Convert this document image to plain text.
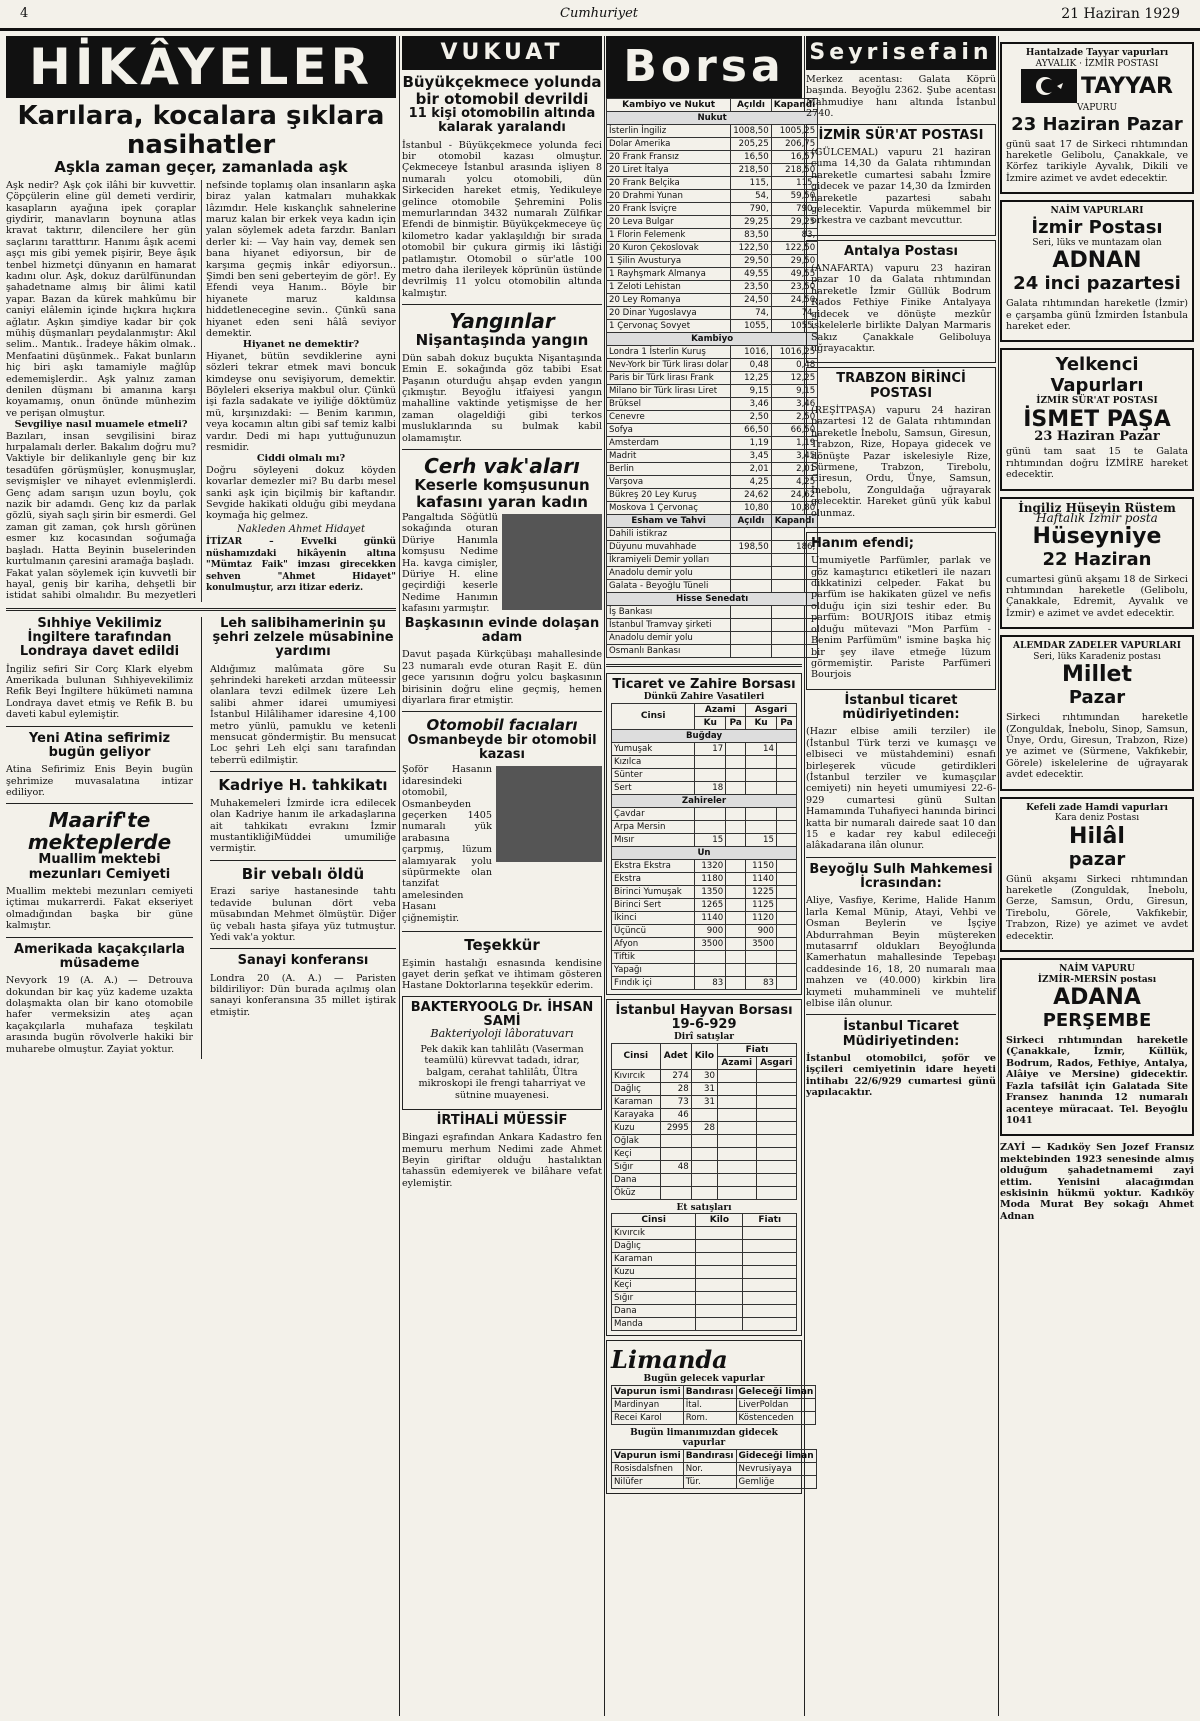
4	Cumhuriyet	21 Haziran 1929
HİKÂYELER
Karılara, kocalara şıklara nasihatler
Aşkla zaman geçer, zamanlada aşk

Aşk nedir? Aşk çok ilâhi bir kuvvettir. Çöpçülerin eline gül demeti verdirir, kasapların ayağına ipek çoraplar giydirir, manavların boynuna atlas kravat taktırır, dilencilere her gün saçlarını taratttırır. Hanımı âşık acemi aşçı mis gibi yemek pişirir, Beye âşık tenbel hizmetçi dünyanın en hamarat kadını olur. Aşk, dokuz darülfünundan şahadetname almış bir âlimi katil yapar. Bazan da kürek mahkûmu bir caniyi elâlemin içinde hıçkıra hıçkıra ağlatır. Aşkın şimdiye kadar bir çok mühiş düşmanları peydalanmıştır: Akıl selim.. Mantık.. İradeye hâkim olmak.. Menfaatini düşünmek.. Fakat bunların hiç biri aşkı tamamiyle mağlûp edememişlerdir.. Aşk yalnız zaman denilen düşmanı bi amanına karşı koyamamış, onun önünde münhezim ve perişan olmuştur.

Sevgiliye nasıl muamele etmeli?

Bazıları, insan sevgilisini biraz hırpalamalı derler. Bakalım doğru mu? Vaktiyle bir delikanlıyle genç bir kız tesadüfen görüşmüşler, konuşmuşlar, sevişmişler ve nihayet evlenmişlerdi. Genç adam sarışın uzun boylu, çok nazik bir adamdı. Genç kız da parlak gözlü, siyah saçlı şirin bir esmerdi. Gel zaman git zaman, çok hırslı görünen esmer kız kocasından soğumağa başladı. Hatta Beyinin buselerinden kurtulmanın çaresini aramağa başladı.

Fakat yalan söylemek için kuvvetli bir hayal, geniş bir kariha, dehşetli bir istidat sahibi olmalıdır. Bu mezyetleri nefsinde toplamış olan insanların aşka biraz yalan katmaları muhakkak lâzımdır. Hele kıskançlık sahnelerine maruz kalan bir erkek veya kadın için yalan söylemek adeta farzdır. Banları derler ki: — Vay hain vay, demek sen bana hiyanet ediyorsun, bir de karşıma geçmiş inkâr ediyorsun.. Şimdi ben seni geberteyim de gör!. Ey Efendi veya Hanım.. Böyle bir hiyanete maruz kaldınsa hiddetlenecegine sevin.. Çünkü sana hiyanet eden seni hâlâ seviyor demektir.

Hiyanet ne demektir?

Hiyanet, bütün sevdiklerine ayni sözleri tekrar etmek mavi boncuk kimdeyse onu sevişiyorum, demektir. Böyleleri ekseriya makbul olur. Çünkü işi fazla sadakate ve iyiliğe döktümüz mü, kırşınızdaki: — Benim karımın, veya kocamın altın gibi saf temiz kalbi vardır. Dedi mi hapı yuttuğunuzun resmidir.

Ciddi olmalı mı?

Doğru söyleyeni dokuz köyden kovarlar demezler mi? Bu darbı mesel sanki aşk için biçilmiş bir kaftandır. Sevgide hakikati olduğu gibi meydana koymağa hiç gelmez.

Nakleden Ahmet Hidayet

İTİZAR – Evvelki günkü nüshamızdaki hikâyenin altına "Mümtaz Faik" imzası girecekken sehven "Ahmet Hidayet" konulmuştur, arzı itizar ederiz.

Sıhhiye Vekilimiz İngiltere tarafından Londraya davet edildi

İngiliz sefiri Sir Corç Klark elyebm Amerikada bulunan Sıhhiyevekilimiz Refik Beyi İngiltere hükümeti namına Londraya davet etmiş ve Refik B. bu daveti kabul eylemiştir.

Yeni Atina sefirimiz bugün geliyor

Atina Sefirimiz Enis Beyin bugün şehrimize muvasalatına intizar ediliyor.

Maarif'te mekteplerde
Muallim mektebi mezunları Cemiyeti

Muallim mektebi mezunları cemiyeti içtimaı mukarrerdi. Fakat ekseriyet olmadığından başka bir güne kalmıştır.

Amerikada kaçakçılarla müsademe

Nevyork 19 (A. A.) — Detrouva dokundan bir kaç yüz kademe uzakta dolaşmakta olan bir kano otomobile hafer vermeksizin ateş açan kaçakçılarla muhafaza teşkilatı arasında bugün rövolverle hakiki bir muharebe olmuştur. Zayiat yoktur.

Leh salibihamerinin şu şehri zelzele müsabinine yardımı

Aldığımız malûmata göre Su şehrindeki hareketi arzdan müteessir olanlara tevzi edilmek üzere Leh salibi ahmer idarei umumiyesi İstanbul Hilâlihamer idaresine 4,100 metro yünlü, pamuklu ve ketenli mensucat göndermiştir. Bu mensucat Loc şehri Leh elçi sanı tarafından teberrü edilmiştir.

Kadriye H. tahkikatı

Muhakemeleri İzmirde icra edilecek olan Kadriye hanım ile arkadaşlarına ait tahkikatı evrakını İzmir mustantikliğiMüddei umumiliğe vermiştir.

Bir vebalı öldü

Erazi sariye hastanesinde tahtı tedavide bulunan dört veba müsabından Mehmet ölmüştür. Diğer üç vebalı hasta şifaya yüz tutmuştur. Yedi vak'a yoktur.

Sanayi konferansı

Londra 20 (A. A.) — Paristen bildiriliyor: Dün burada açılmış olan sanayi konferansına 35 millet iştirak etmiştir.

VUKUAT
Büyükçekmece yolunda bir otomobil devrildi
11 kişi otomobilin altında kalarak yaralandı

İstanbul - Büyükçekmece yolunda feci bir otomobil kazası olmuştur. Çekmeceye İstanbul arasında işliyen 8 numaralı yolcu otomobili, dün Sirkeciden hareket etmiş, Yedikuleye gelince otomobile Şehremini Polis memurlarından 3432 numaralı Zülfikar Efendi de binmiştir. Büyükçekmeceye üç kilometro kadar yaklaşıldığı bir sırada otomobil bir çukura girmiş iki lâstiği patlamıştır. Otomobil o sür'atle 100 metro daha ilerileyek köprünün üstünde devrilmiş 11 yolcu otomobilin altında kalmıştır.

Yangınlar
Nişantaşında yangın

Dün sabah dokuz buçukta Nişantaşında Emin E. sokağında göz tabibi Esat Paşanın oturduğu ahşap evden yangın çıkmıştır. Beyoğlu itfaiyesi yangın mahalline vaktinde yetişmişse de her zaman olageldiği gibi terkos musluklarında su bulmak kabil olamamıştır.

Cerh vak'aları
Keserle komşusunun kafasını yaran kadın

Pangaltıda Söğütlü sokağında oturan Düriye Hanımla komşusu Nedime Ha. kavga cimişler, Düriye H. eline geçirdiği keserle Nedime Hanımın kafasını yarmıştır.

Başkasının evinde dolaşan adam

Davut paşada Kürkçübaşı mahallesinde 23 numaralı evde oturan Raşit E. dün gece yarısının doğru yolcu başkasının birisinin doğru eline geçmiş, hemen diyarlara firar etmiştir.

Otomobil facıaları
Osmanbeyde bir otomobil kazası

Şoför Hasanın idaresindeki otomobil, Osmanbeyden geçerken 1405 numaralı yük arabasına çarpmış, lüzum alamıyarak yolu süpürmekte olan tanzifat amelesinden Hasanı çiğnemiştir.

Teşekkür

Eşimin hastalığı esnasında kendisine gayet derin şefkat ve ihtimam gösteren Hastane Doktorlarına teşekkür ederim.

BAKTERYOOLG Dr. İHSAN SAMİ
Bakteriyoloji lâboratuvarı

Pek dakik kan tahlilâtı (Vaserman teamülü) kürevvat tadadı, idrar, balgam, cerahat tahlilâtı, Ültra mikroskopi ile frengi taharriyat ve sütnine muayenesi.

İRTİHALİ MÜESSİF

Bingazi eşrafından Ankara Kadastro fen memuru merhum Nedimi zade Ahmet Beyin giriftar olduğu hastalıktan tahassün edemiyerek ve bilâhare vefat eylemiştir.

Borsa
Kambiyo ve Nukut	Açıldı	Kapandı
Nukut		
İsterlin İngiliz	1008,50	1005,25
Dolar Amerika	205,25	206,75
20 Frank Fransız	16,50	16,57
20 Liret İtalya	218,50	218,50
20 Frank Belçika	115,	115,
20 Drahmi Yunan	54,	59,50
20 Frank İsviçre	790,	790,
20 Leva Bulgar	29,25	29,25
1 Florin Felemenk	83,50	83,
20 Kuron Çekoslovak	122,50	122,50
1 Şilin Avusturya	29,50	29,50
1 Rayhşmark Almanya	49,55	49,55
1 Zeloti Lehistan	23,50	23,50
20 Ley Romanya	24,50	24,50
20 Dinar Yugoslavya	74,	74,
1 Çervonaç Sovyet	1055,	1055,
Kambiyo		
Londra 1 İsterlin Kuruş	1016,	1016,25
Nev-York bir Türk lirası dolar	0,48	0,48
Paris bir Türk lirası Frank	12,25	12,25
Milano bir Türk lirası Liret	9,15	9,15
Brüksel	3,46	3,46
Cenevre	2,50	2,50
Sofya	66,50	66,50
Amsterdam	1,19	1,19
Madrit	3,45	3,45
Berlin	2,01	2,01
Varşova	4,25	4,25
Bükreş 20 Ley Kuruş	24,62	24,62
Moskova 1 Çervonaç	10,80	10,80
Esham ve Tahvi	Açıldı	Kapandı
Dahili istikraz		
Düyunu muvahhade	198,50	186,
İkramiyeli Demir yolları		
Anadolu demir yolu		
Galata - Beyoğlu Tüneli		
Hisse Senedatı		
İş Bankası		
İstanbul Tramvay şirketi		
Anadolu demir yolu		
Osmanlı Bankası		
Ticaret ve Zahire Borsası
Dünkü Zahire Vasatileri
Cinsi	Azami		Asgari	
	Ku	Pa	Ku	Pa
Buğday				
Yumuşak	17		14	
Kızılca				
Sünter				
Sert	18			
Zahireler				
Çavdar				
Arpa Mersin				
Mısır	15		15	
Un				
Ekstra Ekstra	1320		1150	
Ekstra	1180		1140	
Birinci Yumuşak	1350		1225	
Birinci Sert	1265		1125	
İkinci	1140		1120	
Üçüncü	900		900	
Afyon	3500		3500	
Tiftik				
Yapağı				
Fındık içi	83		83	
İstanbul Hayvan Borsası 19-6-929
Dirî satışlar
Cinsi	Adet	Kilo	Fiatı	
			Azami	Asgari
Kıvırcık	274	30		
Dağlıç	28	31		
Karaman	73	31		
Karayaka	46			
Kuzu	2995	28		
Oğlak				
Keçi				
Sığır	48			
Dana				
Öküz				
Et satışları
Cinsi	Kilo	Fiatı
Kıvırcık		
Dağlıç		
Karaman		
Kuzu		
Keçi		
Sığır		
Dana		
Manda		
Limanda
Bugün gelecek vapurlar
Vapurun ismi	Bandırası	Geleceği liman
Mardinyan	İtal.	LiverPoldan
Recei Karol	Rom.	Köstenceden
Bugün limanımızdan gidecek vapurlar
Vapurun ismi	Bandırası	Gideceği liman
Rosisdalsfnen	Nor.	Nevrusiyaya
Nilüfer	Tür.	Gemliğe
Seyrisefain

Merkez acentası: Galata Köprü başında. Beyoğlu 2362. Şube acentası Mahmudiye hanı altında İstanbul 2740.

İZMİR SÜR'AT POSTASI

(GÜLCEMAL) vapuru 21 haziran cuma 14,30 da Galata rıhtımından hareketle cumartesi sabahı İzmire gidecek ve pazar 14,30 da İzmirden hareketle pazartesi sabahı gelecektir. Vapurda mükemmel bir orkestra ve cazbant mevcuttur.

Antalya Postası

(ANAFARTA) vapuru 23 haziran pazar 10 da Galata rıhtımından hareketle İzmir Güllük Bodrum Rados Fethiye Finike Antalyaya gidecek ve dönüşte mezkûr iskelelerle birlikte Dalyan Marmaris Sakız Çanakkale Geliboluya uğrayacaktır.

TRABZON BİRİNCİ POSTASI

(REŞİTPAŞA) vapuru 24 haziran pazartesi 12 de Galata rıhtımından hareketle İnebolu, Samsun, Giresun, Trabzon, Rize, Hopaya gidecek ve dönüşte Pazar iskelesiyle Rize, Sürmene, Trabzon, Tirebolu, Giresun, Ordu, Ünye, Samsun, İnebolu, Zonguldağa uğrayarak gelecektir. Hareket günü yük kabul olunmaz.

Hanım efendi;

Umumiyetle Parfümler, parlak ve göz kamaştırıcı etiketleri ile nazarı dikkatinizi celpeder. Fakat bu parfüm ise hakikaten güzel ve nefis olduğu için sizi teshir eder. Bu parfüm: BOURJOIS itibaz etmiş olduğu mütevazi "Mon Parfüm - Benim Parfümüm" ismine başka hiç bir şey ilave etmeğe lüzum görmemiştir. Pariste Parfümeri Bourjois

İstanbul ticaret müdiriyetinden:

(Hazır elbise amili terziler) ile (İstanbul Türk terzi ve kumaşçı ve elbiseci ve müstahdemini) esnafı birleşerek vücude getirdikleri (İstanbul terziler ve kumaşçılar cemiyeti) nin heyeti umumiyesi 22-6-929 cumartesi günü Sultan Hamamında Tuhafiyeci hanında birinci katta bir numaralı dairede saat 10 dan 15 e kadar rey kabul edileceği alâkadarana ilân olunur.

Beyoğlu Sulh Mahkemesi İcrasından:

Aliye, Vasfiye, Kerime, Halide Hanım larla Kemal Münip, Atayi, Vehbi ve Osman Beylerin ve İşçiye Abdurrahman Beyin müştereken mutasarrıf oldukları Beyoğlunda Kamerhatun mahallesinde Tepebaşı caddesinde 16, 18, 20 numaralı maa mahzen ve (40.000) kirkbin lira kıymeti muhammineli ve muhtelif elbise ilân olunur.

İstanbul Ticaret Müdiriyetinden:

İstanbul otomobilci, şoför ve işçileri cemiyetinin idare heyeti intihabı 22/6/929 cumartesi günü yapılacaktır.

Hantalzade Tayyar vapurları
AYVALIK · İZMİR POSTASI
TAYYAR
VAPURU
23 Haziran Pazar

günü saat 17 de Sirkeci rıhtımından hareketle Gelibolu, Çanakkale, ve Körfez tarikiyle Ayvalık, Dikili ve İzmire azimet ve avdet edecektir.

NAİM VAPURLARI
İzmir Postası
Seri, lüks ve muntazam olan
ADNAN
24 inci pazartesi

Galata rıhtımından hareketle (İzmir) e çarşamba günü İzmirden İstanbula hareket eder.

Yelkenci Vapurları
İZMİR SÜR'AT POSTASI
İSMET PAŞA
23 Haziran Pazar

günü tam saat 15 te Galata rıhtımından doğru İZMİRE hareket edecektir.

İngiliz Hüseyin Rüstem
Haftalık İzmir posta
Hüseyniye
22 Haziran

cumartesi günü akşamı 18 de Sirkeci rıhtımından hareketle (Gelibolu, Çanakkale, Edremit, Ayvalık ve İzmir) e azimet ve avdet edecektir.

ALEMDAR ZADELER VAPURLARI
Seri, lüks Karadeniz postası
Millet
Pazar

Sirkeci rıhtımından hareketle (Zonguldak, İnebolu, Sinop, Samsun, Ünye, Ordu, Giresun, Trabzon, Rize) ye azimet ve (Sürmene, Vakfıkebir, Görele) iskelelerine de uğrayarak avdet edecektir.

Kefeli zade Hamdi vapurları
Kara deniz Postası
Hilâl
pazar

Günü akşamı Sirkeci rıhtımından hareketle (Zonguldak, İnebolu, Gerze, Samsun, Ordu, Giresun, Tirebolu, Görele, Vakfıkebir, Trabzon, Rize) ye azimet ve avdet edecektir.

NAİM VAPURU
İZMİR-MERSİN postası
ADANA
PERŞEMBE

Sirkeci rıhtımından hareketle (Çanakkale, İzmir, Küllük, Bodrum, Rados, Fethiye, Antalya, Alâiye ve Mersine) gidecektir. Fazla tafsilât için Galatada Site Fransez hanında 12 numaralı acenteye müracaat. Tel. Beyoğlu 1041

ZAYİ — Kadıköy Sen Jozef Fransız mektebinden 1923 senesinde almış olduğum şahadetnamemi zayi ettim. Yenisini alacağımdan eskisinin hükmü yoktur. Kadıköy Moda Murat Bey sokağı Ahmet Adnan
